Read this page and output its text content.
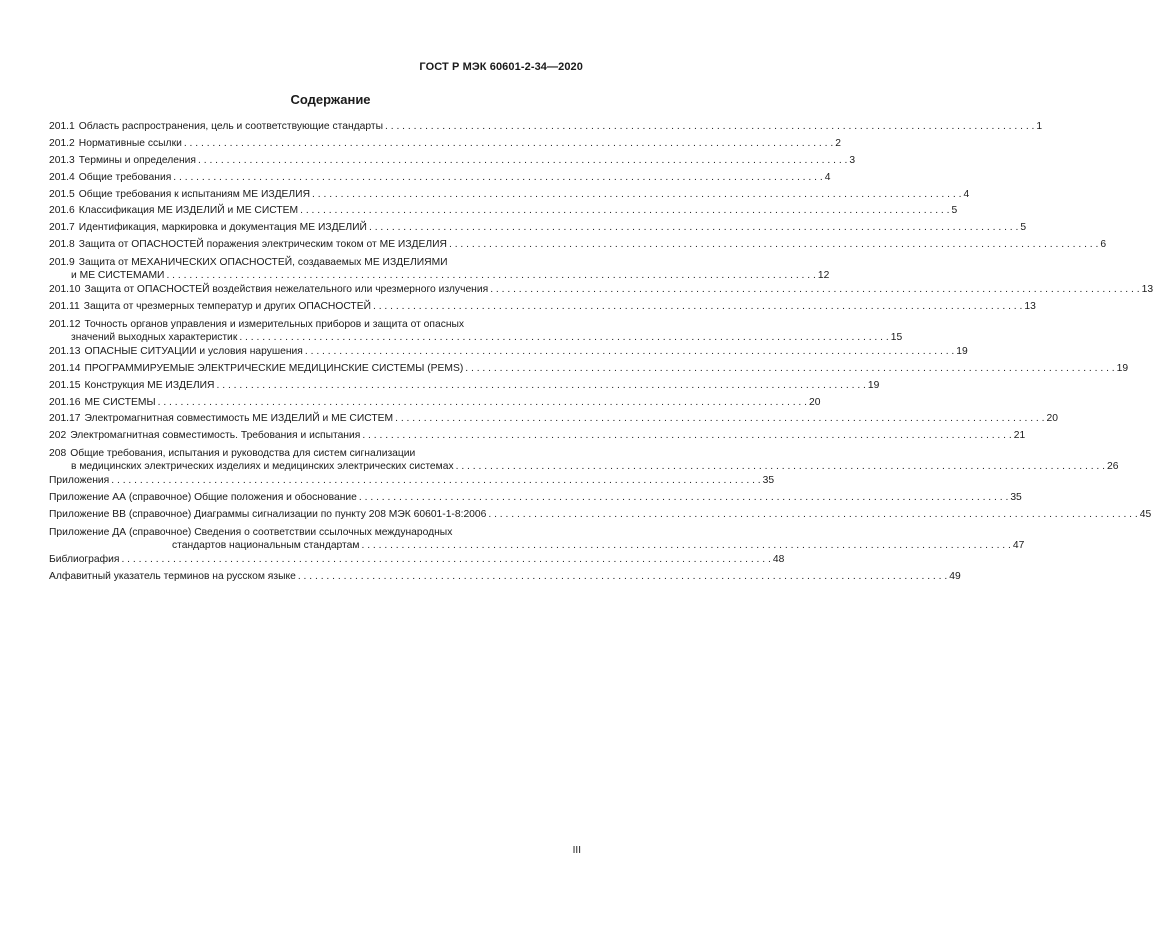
ГОСТ Р МЭК 60601-2-34—2020
Содержание
201.1 Область распространения, цель и соответствующие стандарты . . .	1
201.2 Нормативные ссылки . . .	2
201.3 Термины и определения . . .	3
201.4 Общие требования . . .	4
201.5 Общие требования к испытаниям МЕ ИЗДЕЛИЯ . . .	4
201.6 Классификация МЕ ИЗДЕЛИЙ и МЕ СИСТЕМ . . .	5
201.7 Идентификация, маркировка и документация МЕ ИЗДЕЛИЙ . . .	5
201.8 Защита от ОПАСНОСТЕЙ поражения электрическим током от МЕ ИЗДЕЛИЯ . . .	6
201.9 Защита от МЕХАНИЧЕСКИХ ОПАСНОСТЕЙ, создаваемых МЕ ИЗДЕЛИЯМИ
и МЕ СИСТЕМАМИ . . .	12
201.10 Защита от ОПАСНОСТЕЙ воздействия нежелательного или чрезмерного излучения . . .	13
201.11 Защита от чрезмерных температур и других ОПАСНОСТЕЙ . . .	13
201.12 Точность органов управления и измерительных приборов и защита от опасных
значений выходных характеристик . . .	15
201.13 ОПАСНЫЕ СИТУАЦИИ и условия нарушения . . .	19
201.14 ПРОГРАММИРУЕМЫЕ ЭЛЕКТРИЧЕСКИЕ МЕДИЦИНСКИЕ СИСТЕМЫ (PEMS) . . .	19
201.15 Конструкция МЕ ИЗДЕЛИЯ . . .	19
201.16 МЕ СИСТЕМЫ . . .	20
201.17 Электромагнитная совместимость МЕ ИЗДЕЛИЙ и МЕ СИСТЕМ . . .	20
202 Электромагнитная совместимость. Требования и испытания . . .	21
208 Общие требования, испытания и руководства для систем сигнализации
в медицинских электрических изделиях и медицинских электрических системах . . .	26
Приложения . . .	35
Приложение АА (справочное) Общие положения и обоснование . . .	35
Приложение ВВ (справочное) Диаграммы сигнализации по пункту 208 МЭК 60601-1-8:2006 . . .	45
Приложение ДА (справочное) Сведения о соответствии ссылочных международных
стандартов национальным стандартам . . .	47
Библиография . . .	48
Алфавитный указатель терминов на русском языке . . .	49
III
